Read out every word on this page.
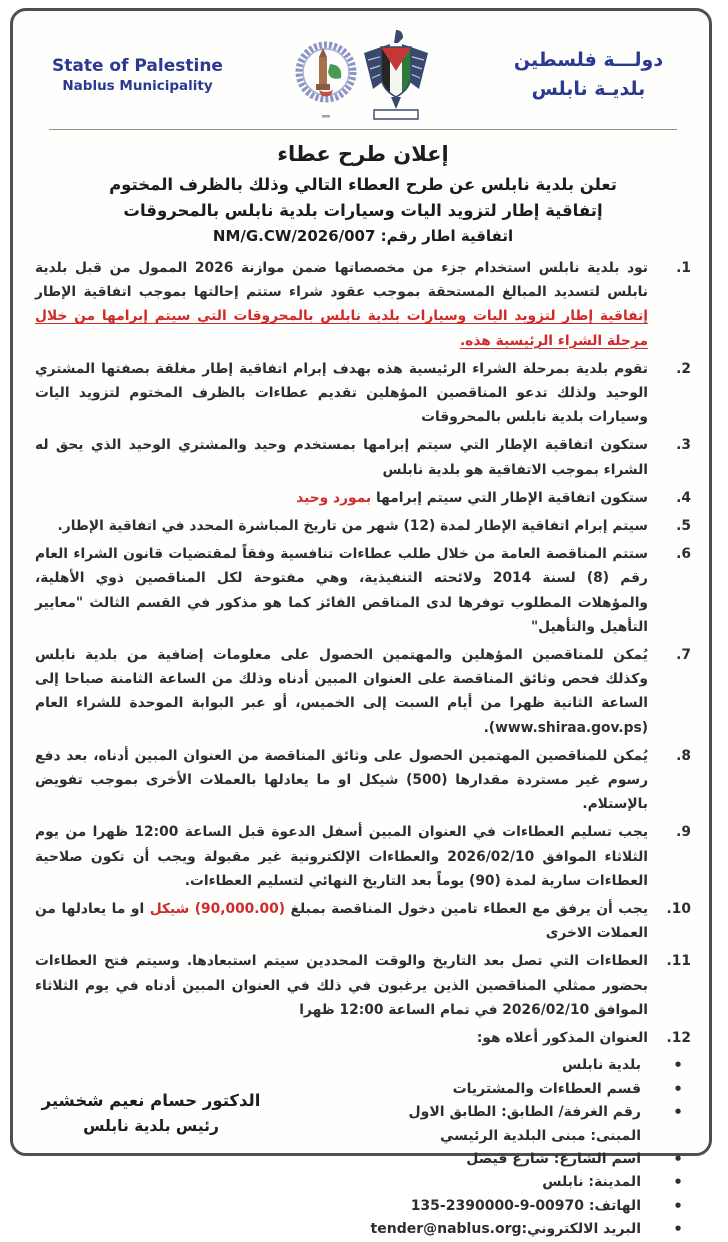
State of Palestine
Nablus Municipality
دولـــة فلسطين
بلديـة نابلس
إعلان طرح عطاء
تعلن بلدية نابلس عن طرح العطاء التالي وذلك بالظرف المختوم
إتفاقية إطار لتزويد اليات وسيارات بلدية نابلس بالمحروقات
اتفاقية اطار رقم: NM/G.CW/2026/007
.1
تود بلدية نابلس استخدام جزء من مخصصاتها ضمن موازنة 2026 الممول من قبل بلدية نابلس لتسديد المبالغ المستحقة بموجب عقود شراء ستتم إحالتها بموجب اتفاقية الإطار إتفاقية إطار لتزويد اليات وسيارات بلدية نابلس بالمحروقات التي سيتم إبرامها من خلال مرحلة الشراء الرئيسية هذه.
.2
تقوم بلدية بمرحلة الشراء الرئيسية هذه بهدف إبرام اتفاقية إطار مغلقة بصفتها المشتري الوحيد ولذلك تدعو المناقصين المؤهلين تقديم عطاءات بالظرف المختوم لتزويد اليات وسيارات بلدية نابلس بالمحروقات
.3
ستكون اتفاقية الإطار التي سيتم إبرامها بمستخدم وحيد والمشتري الوحيد الذي يحق له الشراء بموجب الاتفاقية هو بلدية نابلس
.4
ستكون اتفاقية الإطار التي سيتم إبرامها بمورد وحيد
.5
سيتم إبرام اتفاقية الإطار لمدة (12) شهر من تاريخ المباشرة المحدد في اتفاقية الإطار.
.6
ستتم المناقصة العامة من خلال طلب عطاءات تنافسية وفقاً لمقتضيات قانون الشراء العام رقم (8) لسنة 2014 ولائحته التنفيذية، وهي مفتوحة لكل المناقصين ذوي الأهلية، والمؤهلات المطلوب توفرها لدى المناقص الفائز كما هو مذكور في القسم الثالث "معايير التأهيل والتأهيل"
.7
يُمكن للمناقصين المؤهلين والمهتمين الحصول على معلومات إضافية من بلدية نابلس وكذلك فحص وثائق المناقصة على العنوان المبين أدناه وذلك من الساعة الثامنة صباحا إلى الساعة الثانية ظهرا من أيام السبت إلى الخميس، أو عبر البوابة الموحدة للشراء العام (www.shiraa.gov.ps).
.8
يُمكن للمناقصين المهتمين الحصول على وثائق المناقصة من العنوان المبين أدناه، بعد دفع رسوم غير مستردة مقدارها (500) شيكل او ما يعادلها بالعملات الأخرى بموجب تفويض بالإستلام.
.9
يجب تسليم العطاءات في العنوان المبين أسفل الدعوة قبل الساعة 12:00 ظهرا من يوم الثلاثاء الموافق 2026/02/10 والعطاءات الإلكترونية غير مقبولة ويجب أن تكون صلاحية العطاءات سارية لمدة (90) يوماً بعد التاريخ النهائي لتسليم العطاءات.
.10
يجب أن يرفق مع العطاء تامين دخول المناقصة بمبلغ (90,000.00) شيكل او ما يعادلها من العملات الاخرى
.11
العطاءات التي تصل بعد التاريخ والوقت المحددين سيتم استبعادها. وسيتم فتح العطاءات بحضور ممثلي المناقصين الذين يرغبون في ذلك في العنوان المبين أدناه في يوم الثلاثاء الموافق 2026/02/10 في تمام الساعة 12:00 ظهرا
.12
العنوان المذكور أعلاه هو:
•
بلدية نابلس
•
قسم العطاءات والمشتريات
•
رقم الغرفة/ الطابق: الطابق الاول
المبنى: مبنى البلدية الرئيسي
•
اسم الشارع: شارع فيصل
•
المدينة: نابلس
•
الهاتف: 00970-9-2390000-135
•
البريد الالكتروني:tender@nablus.org
الدكتور حسام نعيم شخشير
رئيس بلدية نابلس
